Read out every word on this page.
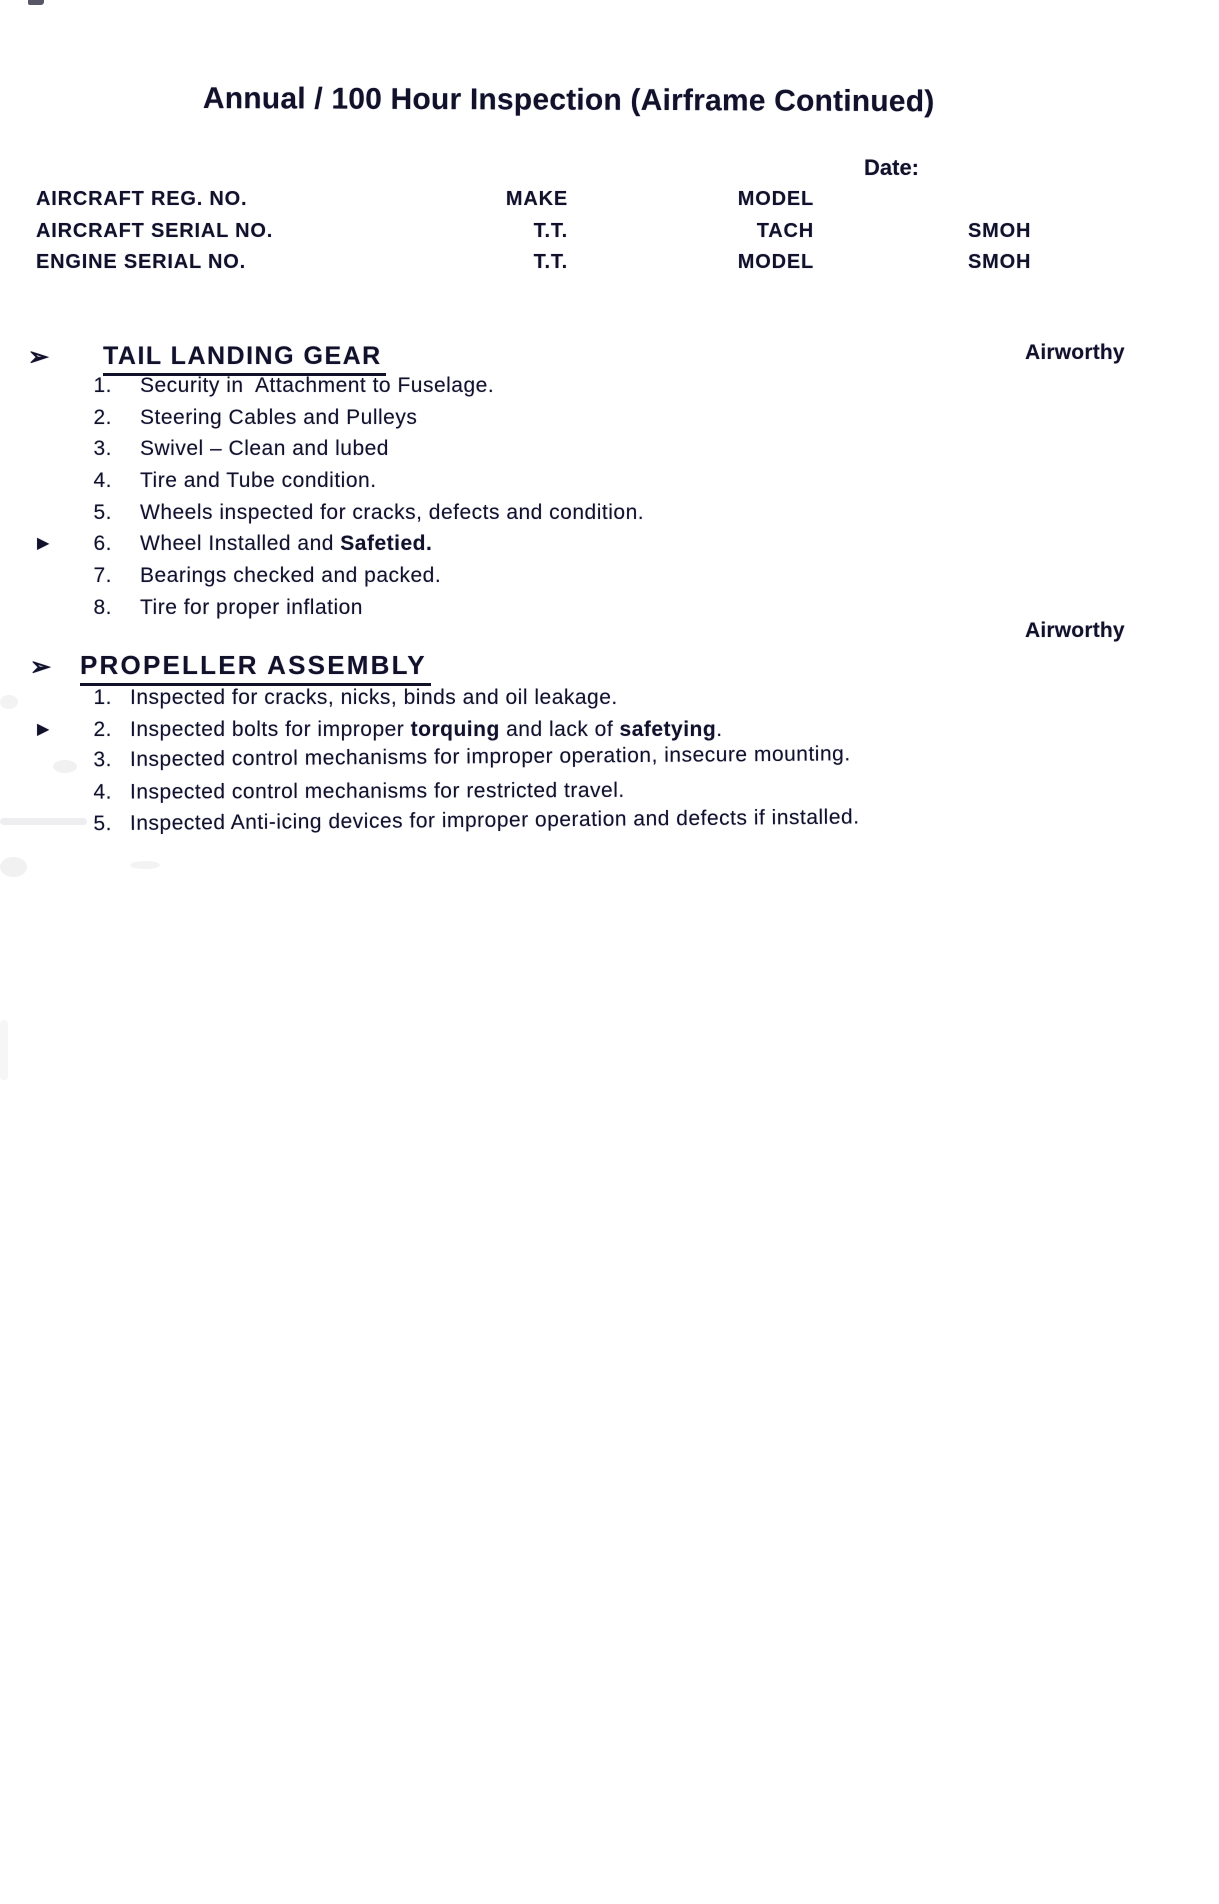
Annual / 100 Hour Inspection (Airframe Continued)
Date:
AIRCRAFT REG. NO.	MAKE	MODEL
AIRCRAFT SERIAL NO.	T.T.	TACH	SMOH
ENGINE SERIAL NO.	T.T.	MODEL	SMOH
➢ TAIL LANDING GEAR	Airworthy
1. Security in  Attachment to Fuselage.
2. Steering Cables and Pulleys
3. Swivel – Clean and lubed
4. Tire and Tube condition.
5. Wheels inspected for cracks, defects and condition.
▶	6. Wheel Installed and Safetied.
7. Bearings checked and packed.
8. Tire for proper inflation
Airworthy
➢ PROPELLER ASSEMBLY
1. Inspected for cracks, nicks, binds and oil leakage.
▶	2. Inspected bolts for improper torquing and lack of safetying.
3. Inspected control mechanisms for improper operation, insecure mounting.
4. Inspected control mechanisms for restricted travel.
5. Inspected Anti-icing devices for improper operation and defects if installed.
